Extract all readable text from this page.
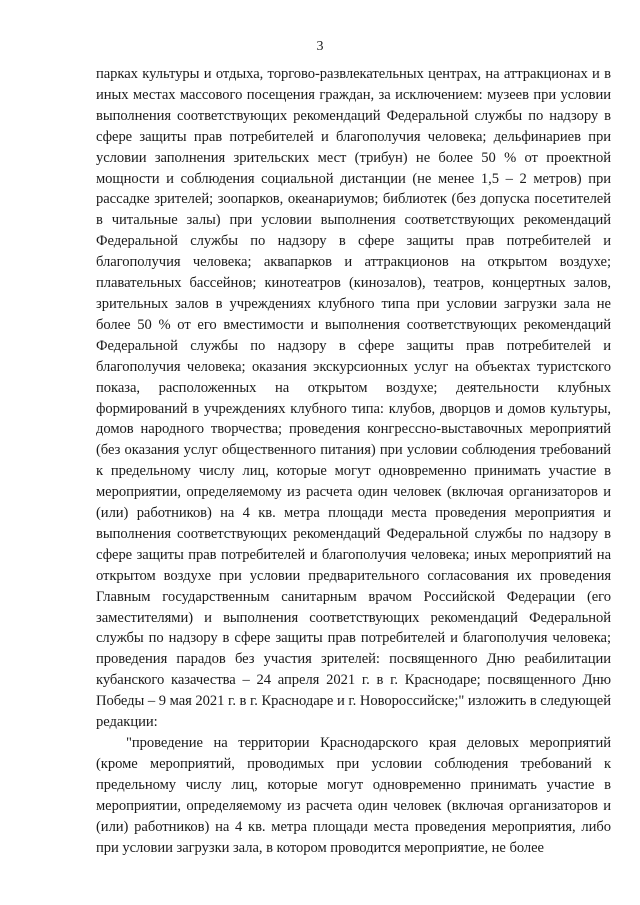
3

парках культуры и отдыха, торгово-развлекательных центрах, на аттракционах и в иных местах массового посещения граждан, за исключением: музеев при условии выполнения соответствующих рекомендаций Федеральной службы по надзору в сфере защиты прав потребителей и благополучия человека; дельфинариев при условии заполнения зрительских мест (трибун) не более 50 % от проектной мощности и соблюдения социальной дистанции (не менее 1,5 – 2 метров) при рассадке зрителей; зоопарков, океанариумов; библиотек (без допуска посетителей в читальные залы) при условии выполнения соответствующих рекомендаций Федеральной службы по надзору в сфере защиты прав потребителей и благополучия человека; аквапарков и аттракционов на открытом воздухе; плавательных бассейнов; кинотеатров (кинозалов), театров, концертных залов, зрительных залов в учреждениях клубного типа при условии загрузки зала не более 50 % от его вместимости и выполнения соответствующих рекомендаций Федеральной службы по надзору в сфере защиты прав потребителей и благополучия человека; оказания экскурсионных услуг на объектах туристского показа, расположенных на открытом воздухе; деятельности клубных формирований в учреждениях клубного типа: клубов, дворцов и домов культуры, домов народного творчества; проведения конгрессно-выставочных мероприятий (без оказания услуг общественного питания) при условии соблюдения требований к предельному числу лиц, которые могут одновременно принимать участие в мероприятии, определяемому из расчета один человек (включая организаторов и (или) работников) на 4 кв. метра площади места проведения мероприятия и выполнения соответствующих рекомендаций Федеральной службы по надзору в сфере защиты прав потребителей и благополучия человека; иных мероприятий на открытом воздухе при условии предварительного согласования их проведения Главным государственным санитарным врачом Российской Федерации (его заместителями) и выполнения соответствующих рекомендаций Федеральной службы по надзору в сфере защиты прав потребителей и благополучия человека; проведения парадов без участия зрителей: посвященного Дню реабилитации кубанского казачества – 24 апреля 2021 г. в г. Краснодаре; посвященного Дню Победы – 9 мая 2021 г. в г. Краснодаре и г. Новороссийске;" изложить в следующей редакции:

"проведение на территории Краснодарского края деловых мероприятий (кроме мероприятий, проводимых при условии соблюдения требований к предельному числу лиц, которые могут одновременно принимать участие в мероприятии, определяемому из расчета один человек (включая организаторов и (или) работников) на 4 кв. метра площади места проведения мероприятия, либо при условии загрузки зала, в котором проводится мероприятие, не более
